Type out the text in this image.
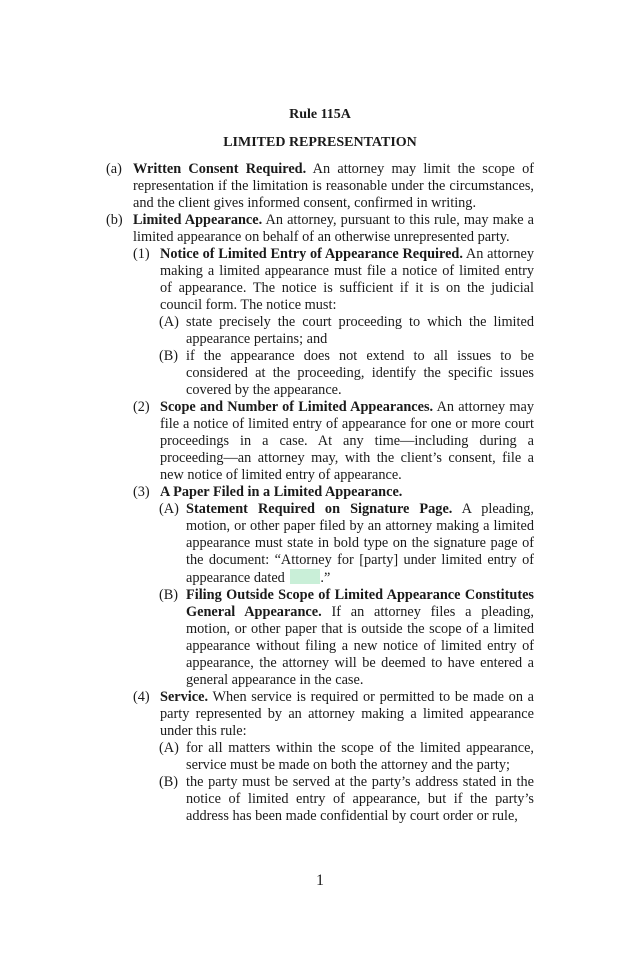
Rule 115A
LIMITED REPRESENTATION
(a) Written Consent Required. An attorney may limit the scope of representation if the limitation is reasonable under the circumstances, and the client gives informed consent, confirmed in writing.
(b) Limited Appearance. An attorney, pursuant to this rule, may make a limited appearance on behalf of an otherwise unrepresented party.
(1) Notice of Limited Entry of Appearance Required. An attorney making a limited appearance must file a notice of limited entry of appearance. The notice is sufficient if it is on the judicial council form. The notice must:
(A) state precisely the court proceeding to which the limited appearance pertains; and
(B) if the appearance does not extend to all issues to be considered at the proceeding, identify the specific issues covered by the appearance.
(2) Scope and Number of Limited Appearances. An attorney may file a notice of limited entry of appearance for one or more court proceedings in a case. At any time—including during a proceeding—an attorney may, with the client’s consent, file a new notice of limited entry of appearance.
(3) A Paper Filed in a Limited Appearance.
(A) Statement Required on Signature Page. A pleading, motion, or other paper filed by an attorney making a limited appearance must state in bold type on the signature page of the document: “Attorney for [party] under limited entry of appearance dated .”
(B) Filing Outside Scope of Limited Appearance Constitutes General Appearance. If an attorney files a pleading, motion, or other paper that is outside the scope of a limited appearance without filing a new notice of limited entry of appearance, the attorney will be deemed to have entered a general appearance in the case.
(4) Service. When service is required or permitted to be made on a party represented by an attorney making a limited appearance under this rule:
(A) for all matters within the scope of the limited appearance, service must be made on both the attorney and the party;
(B) the party must be served at the party’s address stated in the notice of limited entry of appearance, but if the party’s address has been made confidential by court order or rule,
1
